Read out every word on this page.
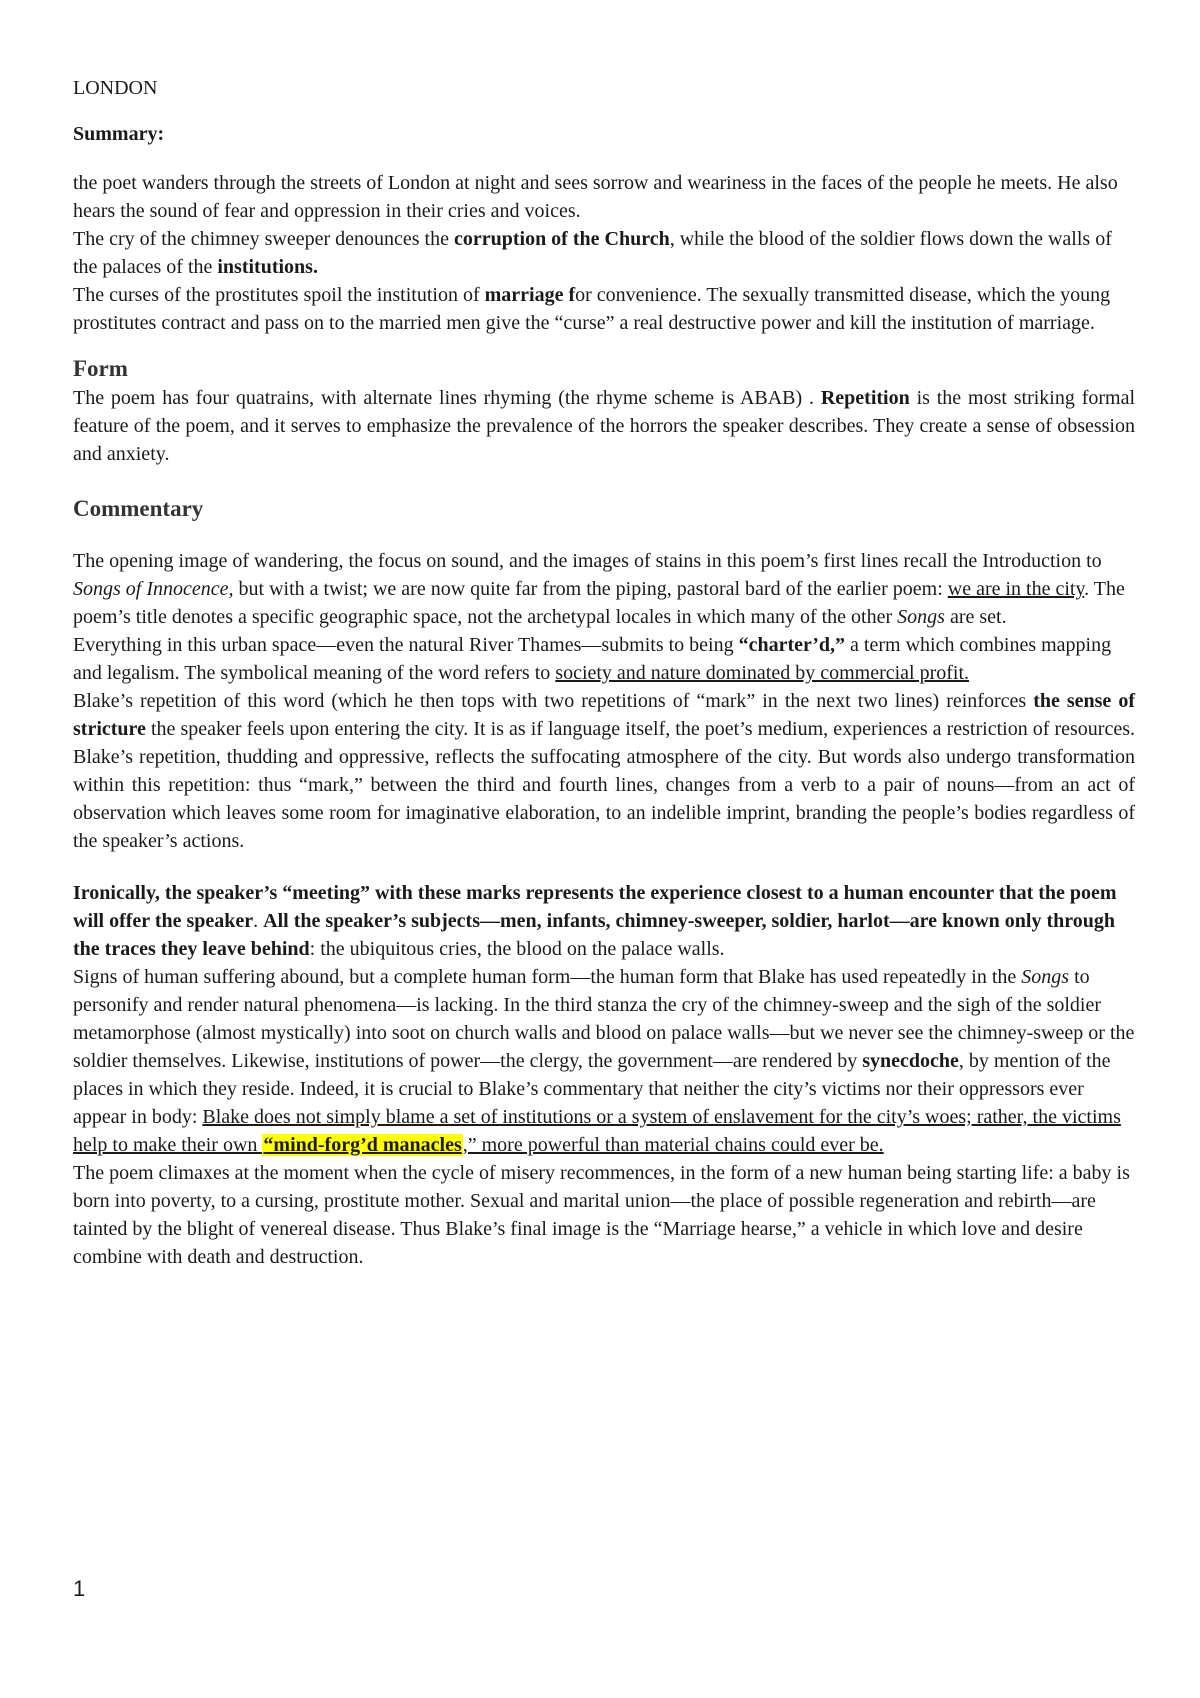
LONDON
Summary:

the poet wanders through the streets of London at night and sees sorrow and weariness in the faces of the people he meets. He also hears the sound of fear and oppression in their cries and voices.

The cry of the chimney sweeper denounces the corruption of the Church, while the blood of the soldier flows down the walls of the palaces of the institutions.

The curses of the prostitutes spoil the institution of marriage for convenience. The sexually transmitted disease, which the young prostitutes contract and pass on to the married men give the “curse” a real destructive power and kill the institution of marriage.

Form

The poem has four quatrains, with alternate lines rhyming (the rhyme scheme is ABAB) . Repetition is the most striking formal feature of the poem, and it serves to emphasize the prevalence of the horrors the speaker describes. They create a sense of obsession and anxiety.

Commentary

The opening image of wandering, the focus on sound, and the images of stains in this poem’s first lines recall the Introduction to Songs of Innocence, but with a twist; we are now quite far from the piping, pastoral bard of the earlier poem: we are in the city. The poem’s title denotes a specific geographic space, not the archetypal locales in which many of the other Songs are set.

Everything in this urban space—even the natural River Thames—submits to being “charter’d,” a term which combines mapping and legalism. The symbolical meaning of the word refers to society and nature dominated by commercial profit.

Blake’s repetition of this word (which he then tops with two repetitions of “mark” in the next two lines) reinforces the sense of stricture the speaker feels upon entering the city. It is as if language itself, the poet’s medium, experiences a restriction of resources. Blake’s repetition, thudding and oppressive, reflects the suffocating atmosphere of the city. But words also undergo transformation within this repetition: thus “mark,” between the third and fourth lines, changes from a verb to a pair of nouns—from an act of observation which leaves some room for imaginative elaboration, to an indelible imprint, branding the people’s bodies regardless of the speaker’s actions.

Ironically, the speaker’s “meeting” with these marks represents the experience closest to a human encounter that the poem will offer the speaker. All the speaker’s subjects—men, infants, chimney-sweeper, soldier, harlot—are known only through the traces they leave behind: the ubiquitous cries, the blood on the palace walls.

Signs of human suffering abound, but a complete human form—the human form that Blake has used repeatedly in the Songs to personify and render natural phenomena—is lacking. In the third stanza the cry of the chimney-sweep and the sigh of the soldier metamorphose (almost mystically) into soot on church walls and blood on palace walls—but we never see the chimney-sweep or the soldier themselves. Likewise, institutions of power—the clergy, the government—are rendered by synecdoche, by mention of the places in which they reside. Indeed, it is crucial to Blake’s commentary that neither the city’s victims nor their oppressors ever appear in body: Blake does not simply blame a set of institutions or a system of enslavement for the city’s woes; rather, the victims help to make their own “mind-forg’d manacles,” more powerful than material chains could ever be.

The poem climaxes at the moment when the cycle of misery recommences, in the form of a new human being starting life: a baby is born into poverty, to a cursing, prostitute mother. Sexual and marital union—the place of possible regeneration and rebirth—are tainted by the blight of venereal disease. Thus Blake’s final image is the “Marriage hearse,” a vehicle in which love and desire combine with death and destruction.

1
